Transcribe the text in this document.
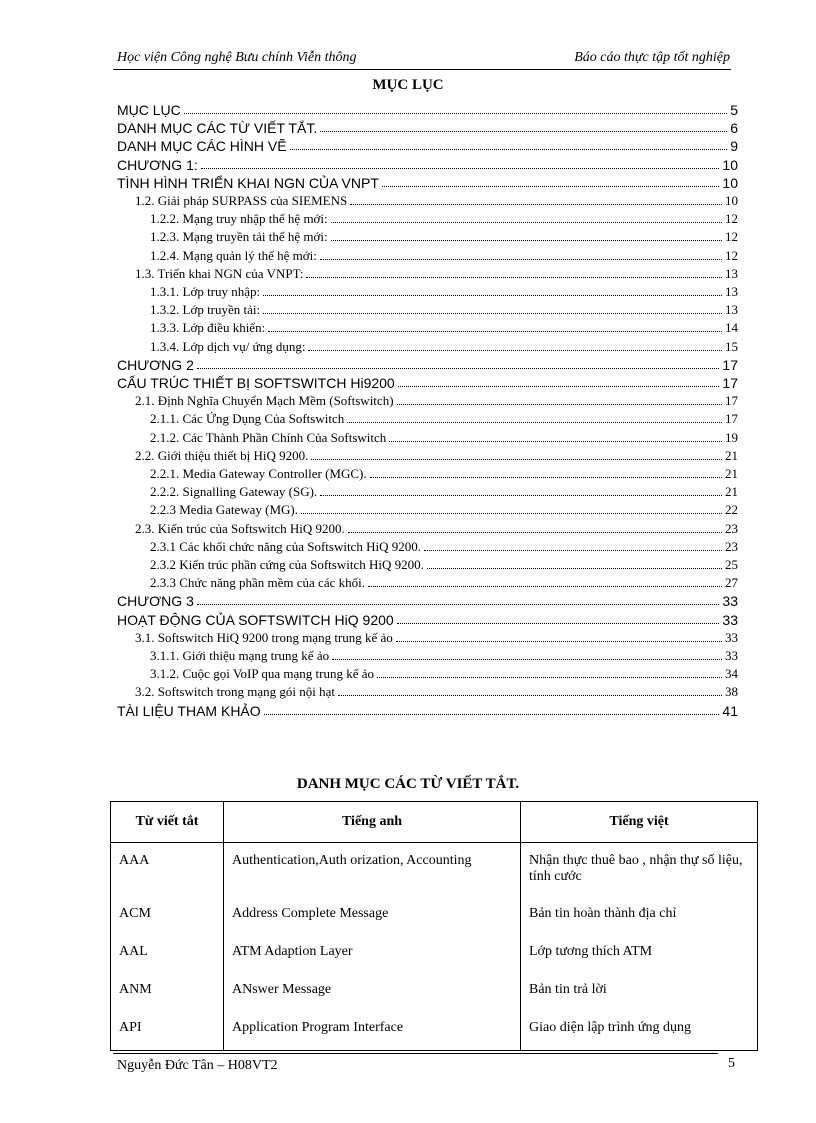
Học viện Công nghệ Bưu chính Viễn thông	Báo cáo thực tập tốt nghiệp
MỤC LỤC
MỤC LỤC	5
DANH MỤC CÁC TỪ VIẾT TẮT.	6
DANH MỤC CÁC HÌNH VẼ	9
CHƯƠNG 1:	10
TÌNH HÌNH TRIỂN KHAI NGN CỦA VNPT	10
1.2. Giải pháp SURPASS của SIEMENS	10
1.2.2. Mạng truy nhập thế hệ mới:	12
1.2.3. Mạng truyền tải thế hệ mới:	12
1.2.4. Mạng quản lý thế hệ mới:	12
1.3. Triển khai NGN của VNPT:	13
1.3.1. Lớp truy nhập:	13
1.3.2. Lớp truyền tải:	13
1.3.3. Lớp điều khiển:	14
1.3.4. Lớp dịch vụ/ ứng dụng:	15
CHƯƠNG 2	17
CẤU TRÚC THIẾT BỊ SOFTSWITCH Hi9200	17
2.1. Định Nghĩa Chuyển Mạch Mềm (Softswitch)	17
2.1.1. Các Ứng Dụng Của Softswitch	17
2.1.2. Các Thành Phần Chính Của Softswitch	19
2.2. Giới thiệu thiết bị HiQ 9200.	21
2.2.1. Media Gateway Controller (MGC).	21
2.2.2. Signalling Gateway (SG).	21
2.2.3 Media Gateway (MG).	22
2.3. Kiến trúc của Softswitch HiQ 9200.	23
2.3.1 Các khối chức năng của Softswitch HiQ 9200.	23
2.3.2 Kiến trúc phần cứng của Softswitch HiQ 9200.	25
2.3.3 Chức năng phần mềm của các khối.	27
CHƯƠNG 3	33
HOẠT ĐỘNG CỦA SOFTSWITCH HiQ 9200	33
3.1. Softswitch HiQ 9200 trong mạng trung kế ảo	33
3.1.1. Giới thiệu mạng trung kế ảo	33
3.1.2. Cuộc gọi VoIP qua mạng trung kế ảo	34
3.2. Softswitch trong mạng gói nội hạt	38
TÀI LIỆU THAM KHẢO	41
DANH MỤC CÁC TỪ VIẾT TẮT.
Từ viết tắt	Tiếng anh	Tiếng việt
AAA	Authentication,Auth orization, Accounting	Nhận thực thuê bao , nhận thự số liệu, tính cước
ACM	Address Complete Message	Bản tin hoàn thành địa chỉ
AAL	ATM Adaption Layer	Lớp tương thích ATM
ANM	ANswer Message	Bản tin trả lời
API	Application Program Interface	Giao diện lập trình ứng dụng
Nguyễn Đức Tân – H08VT2	5
